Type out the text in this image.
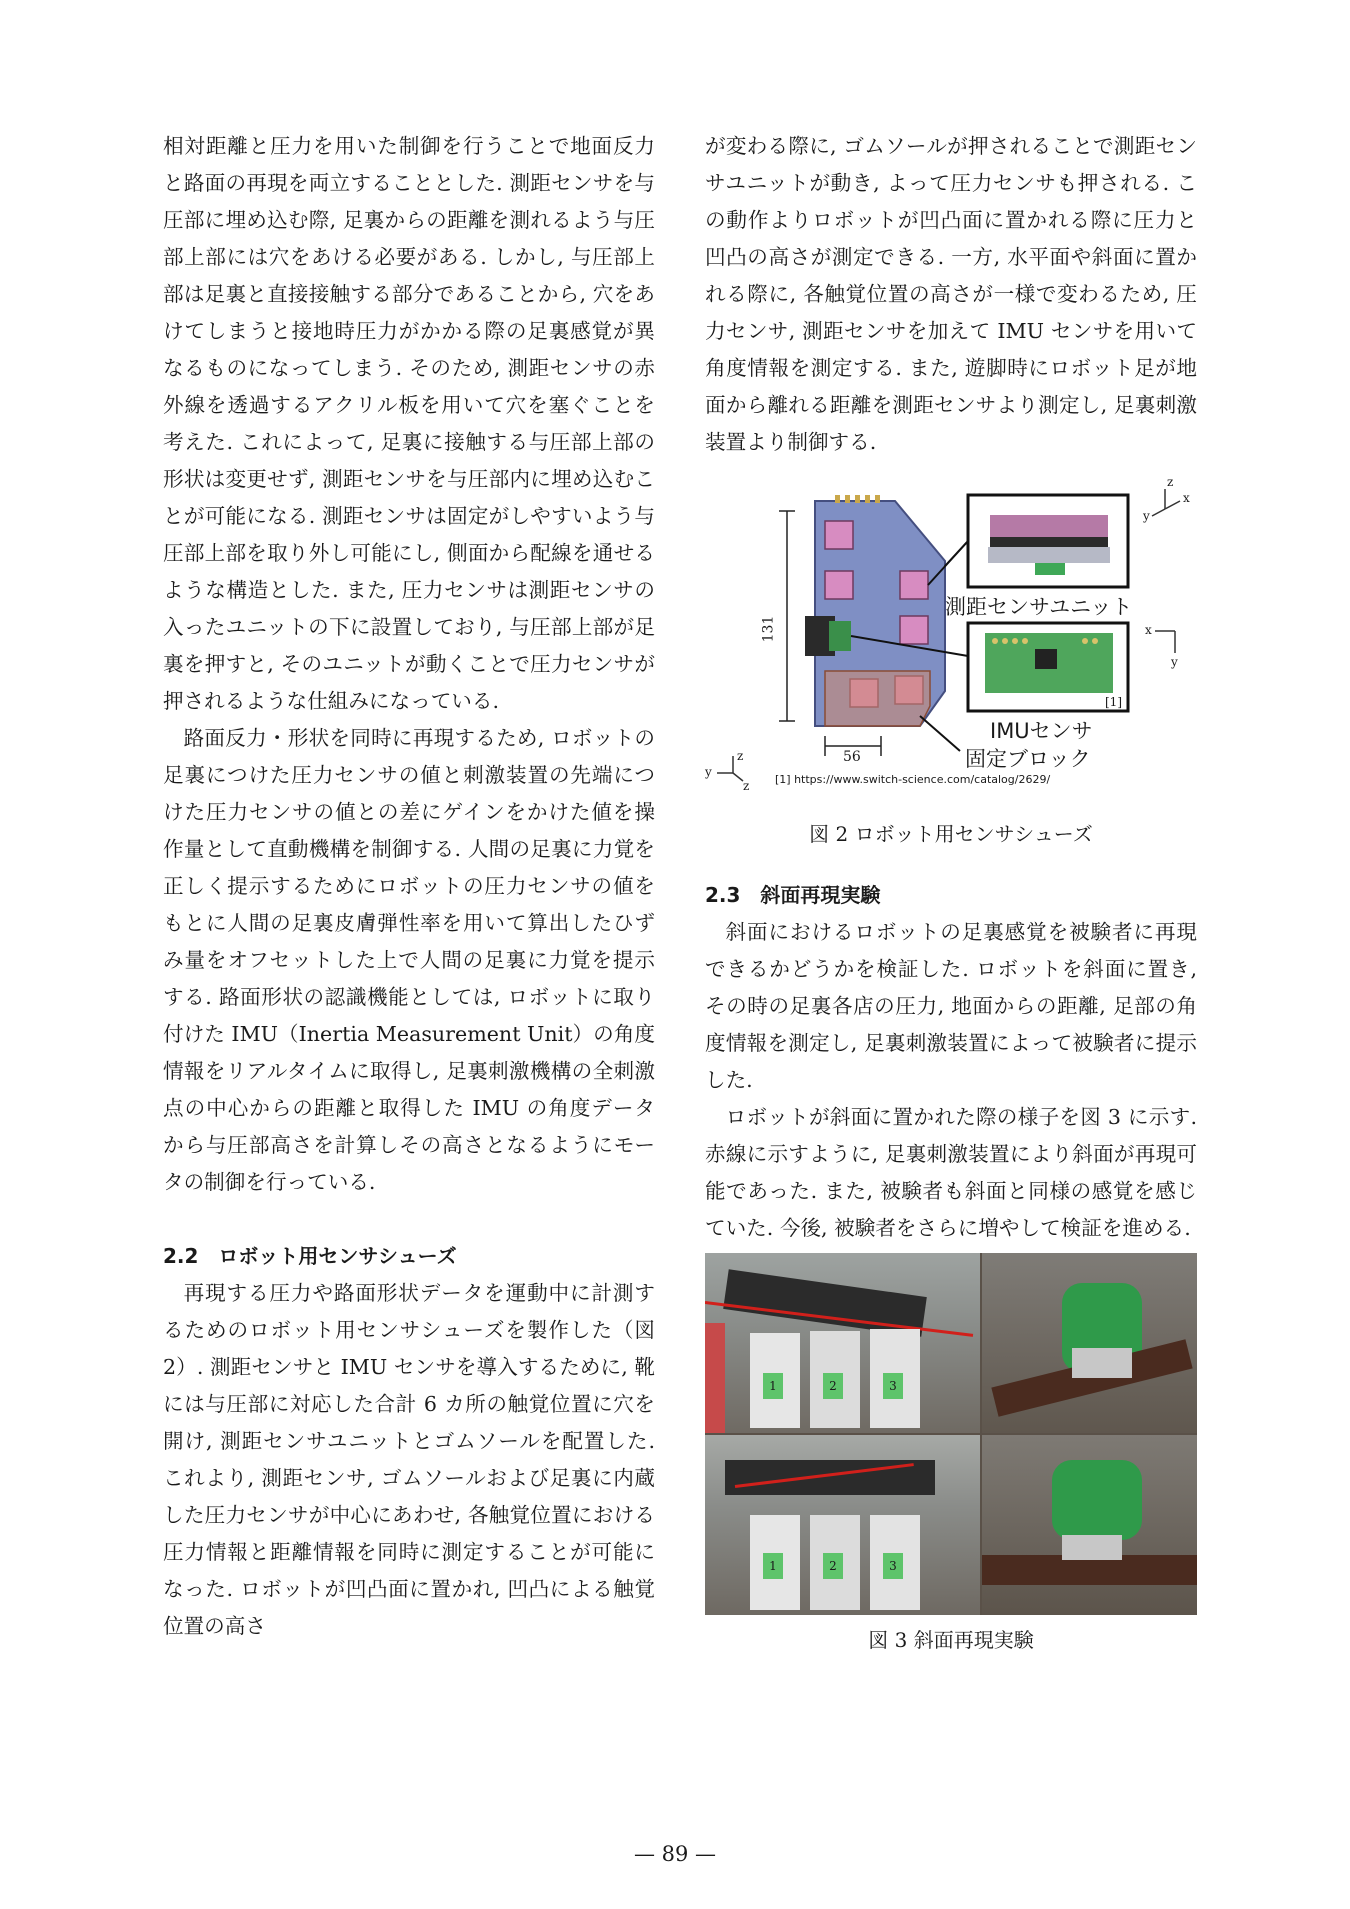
相対距離と圧力を用いた制御を行うことで地面反力と路面の再現を両立することとした. 測距センサを与圧部に埋め込む際, 足裏からの距離を測れるよう与圧部上部には穴をあける必要がある. しかし, 与圧部上部は足裏と直接接触する部分であることから, 穴をあけてしまうと接地時圧力がかかる際の足裏感覚が異なるものになってしまう. そのため, 測距センサの赤外線を透過するアクリル板を用いて穴を塞ぐことを考えた. これによって, 足裏に接触する与圧部上部の形状は変更せず, 測距センサを与圧部内に埋め込むことが可能になる. 測距センサは固定がしやすいよう与圧部上部を取り外し可能にし, 側面から配線を通せるような構造とした. また, 圧力センサは測距センサの入ったユニットの下に設置しており, 与圧部上部が足裏を押すと, そのユニットが動くことで圧力センサが押されるような仕組みになっている.

路面反力・形状を同時に再現するため, ロボットの足裏につけた圧力センサの値と刺激装置の先端につけた圧力センサの値との差にゲインをかけた値を操作量として直動機構を制御する. 人間の足裏に力覚を正しく提示するためにロボットの圧力センサの値をもとに人間の足裏皮膚弾性率を用いて算出したひずみ量をオフセットした上で人間の足裏に力覚を提示する. 路面形状の認識機能としては, ロボットに取り付けた IMU（Inertia Measurement Unit）の角度情報をリアルタイムに取得し, 足裏刺激機構の全刺激点の中心からの距離と取得した IMU の角度データから与圧部高さを計算しその高さとなるようにモータの制御を行っている.

2.2　ロボット用センサシューズ

再現する圧力や路面形状データを運動中に計測するためのロボット用センサシューズを製作した（図 2）. 測距センサと IMU センサを導入するために, 靴には与圧部に対応した合計 6 カ所の触覚位置に穴を開け, 測距センサユニットとゴムソールを配置した. これより, 測距センサ, ゴムソールおよび足裏に内蔵した圧力センサが中心にあわせ, 各触覚位置における圧力情報と距離情報を同時に測定することが可能になった. ロボットが凹凸面に置かれ, 凹凸による触覚位置の高さ

が変わる際に, ゴムソールが押されることで測距センサユニットが動き, よって圧力センサも押される. この動作よりロボットが凹凸面に置かれる際に圧力と凹凸の高さが測定できる. 一方, 水平面や斜面に置かれる際に, 各触覚位置の高さが一様で変わるため, 圧力センサ, 測距センサを加えて IMU センサを用いて角度情報を測定する. また, 遊脚時にロボット足が地面から離れる距離を測距センサより測定し, 足裏刺激装置より制御する.

測距センサユニット
IMUセンサ
固定ブロック
131
56
[1]
[1] https://www.switch-science.com/catalog/2629/
z
x
y
x
y
z
y
z
図 2 ロボット用センサシューズ
2.3　斜面再現実験

斜面におけるロボットの足裏感覚を被験者に再現できるかどうかを検証した. ロボットを斜面に置き, その時の足裏各店の圧力, 地面からの距離, 足部の角度情報を測定し, 足裏刺激装置によって被験者に提示した.

ロボットが斜面に置かれた際の様子を図 3 に示す. 赤線に示すように, 足裏刺激装置により斜面が再現可能であった. また, 被験者も斜面と同様の感覚を感じていた. 今後, 被験者をさらに増やして検証を進める.

1	2	3
1	2	3
図 3 斜面再現実験
— 89 —
